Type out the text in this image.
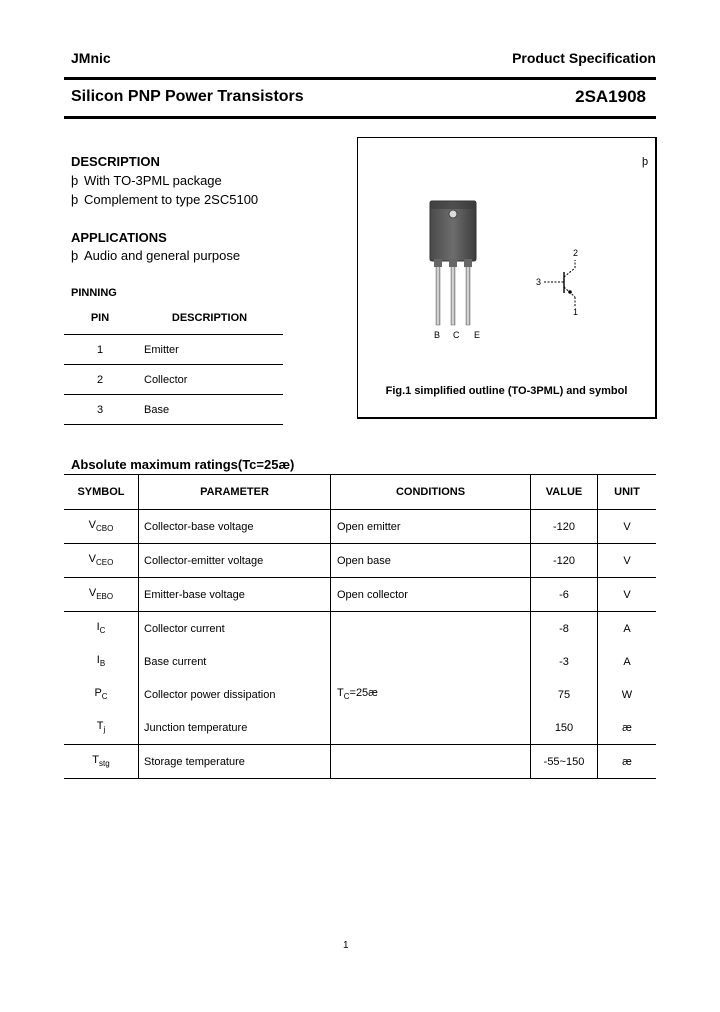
JMnic	Product Specification
Silicon PNP Power Transistors	2SA1908
DESCRIPTION
þ With TO-3PML package
þ Complement to type 2SC5100
APPLICATIONS
þ Audio and general purpose
PINNING
PIN	DESCRIPTION
1	Emitter
2	Collector
3	Base
þ
B C E
2
3
1
Fig.1 simplified outline (TO-3PML) and symbol
Absolute maximum ratings(Tc=25æ)
SYMBOL	PARAMETER	CONDITIONS	VALUE	UNIT
$V_{CBO}$	Collector-base voltage	Open emitter	-120	V
$V_{CEO}$	Collector-emitter voltage	Open base	-120	V
$V_{EBO}$	Emitter-base voltage	Open collector	-6	V
$I_C$	Collector current		-8	A
$I_B$	Base current		-3	A
$P_C$	Collector power dissipation	$T_C=25æ$	75	W
$T_j$	Junction temperature		150	æ
$T_{stg}$	Storage temperature		-55~150	æ
1
